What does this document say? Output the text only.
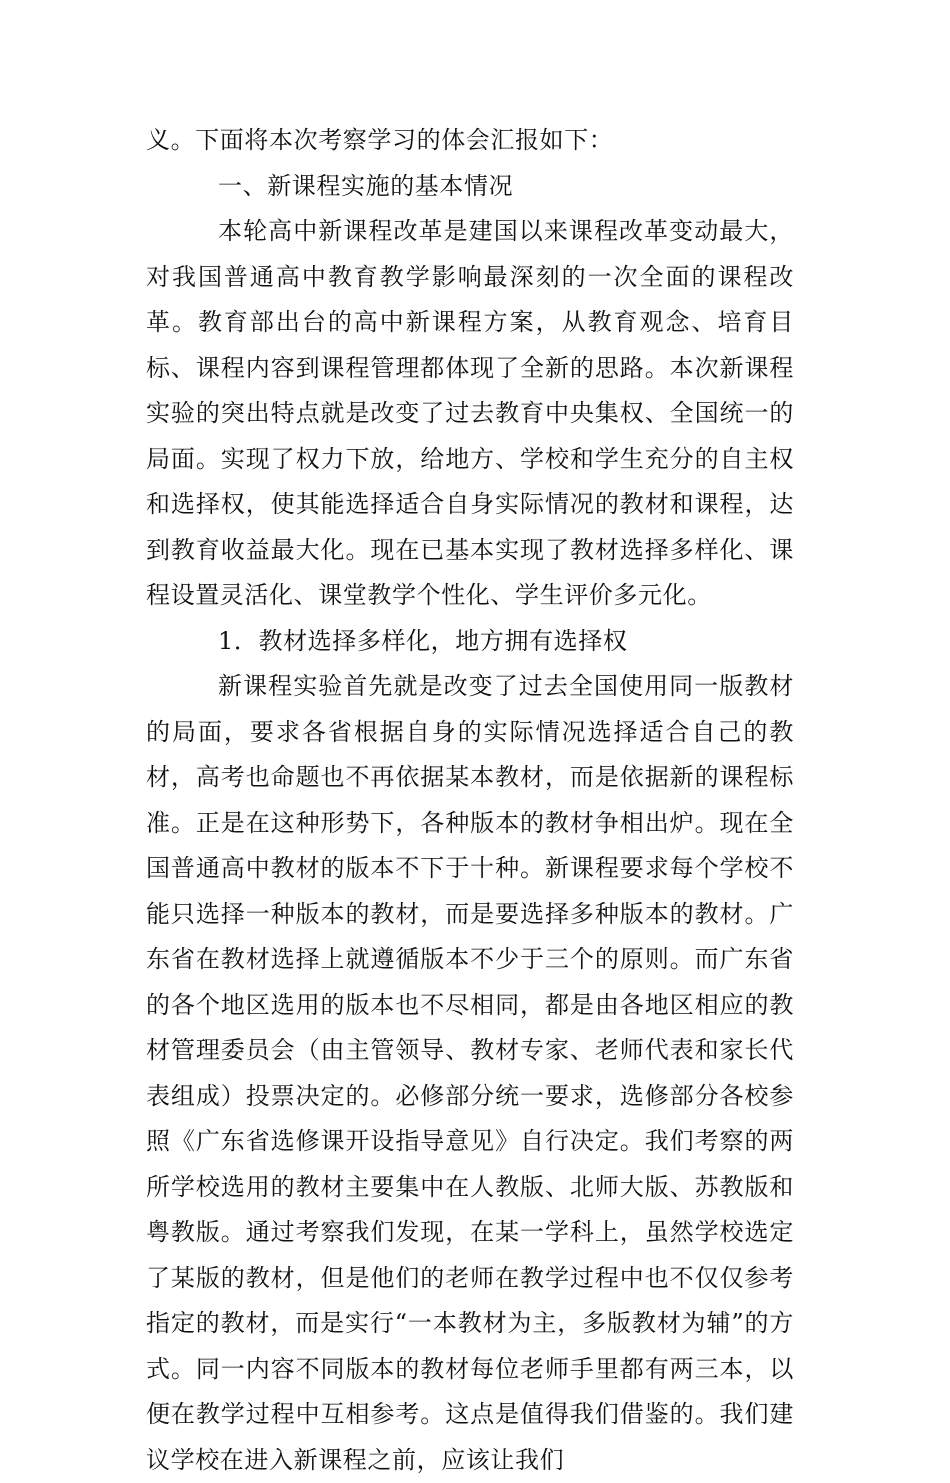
义。下面将本次考察学习的体会汇报如下：

一、新课程实施的基本情况

本轮高中新课程改革是建国以来课程改革变动最大，对我国普通高中教育教学影响最深刻的一次全面的课程改革。教育部出台的高中新课程方案，从教育观念、培育目标、课程内容到课程管理都体现了全新的思路。本次新课程实验的突出特点就是改变了过去教育中央集权、全国统一的局面。实现了权力下放，给地方、学校和学生充分的自主权和选择权，使其能选择适合自身实际情况的教材和课程，达到教育收益最大化。现在已基本实现了教材选择多样化、课程设置灵活化、课堂教学个性化、学生评价多元化。

1．教材选择多样化，地方拥有选择权

新课程实验首先就是改变了过去全国使用同一版教材的局面，要求各省根据自身的实际情况选择适合自己的教材，高考也命题也不再依据某本教材，而是依据新的课程标准。正是在这种形势下，各种版本的教材争相出炉。现在全国普通高中教材的版本不下于十种。新课程要求每个学校不能只选择一种版本的教材，而是要选择多种版本的教材。广东省在教材选择上就遵循版本不少于三个的原则。而广东省的各个地区选用的版本也不尽相同，都是由各地区相应的教材管理委员会（由主管领导、教材专家、老师代表和家长代表组成）投票决定的。必修部分统一要求，选修部分各校参照《广东省选修课开设指导意见》自行决定。我们考察的两所学校选用的教材主要集中在人教版、北师大版、苏教版和粤教版。通过考察我们发现，在某一学科上，虽然学校选定了某版的教材，但是他们的老师在教学过程中也不仅仅参考指定的教材，而是实行“一本教材为主，多版教材为辅”的方式。同一内容不同版本的教材每位老师手里都有两三本，以便在教学过程中互相参考。这点是值得我们借鉴的。我们建议学校在进入新课程之前，应该让我们
